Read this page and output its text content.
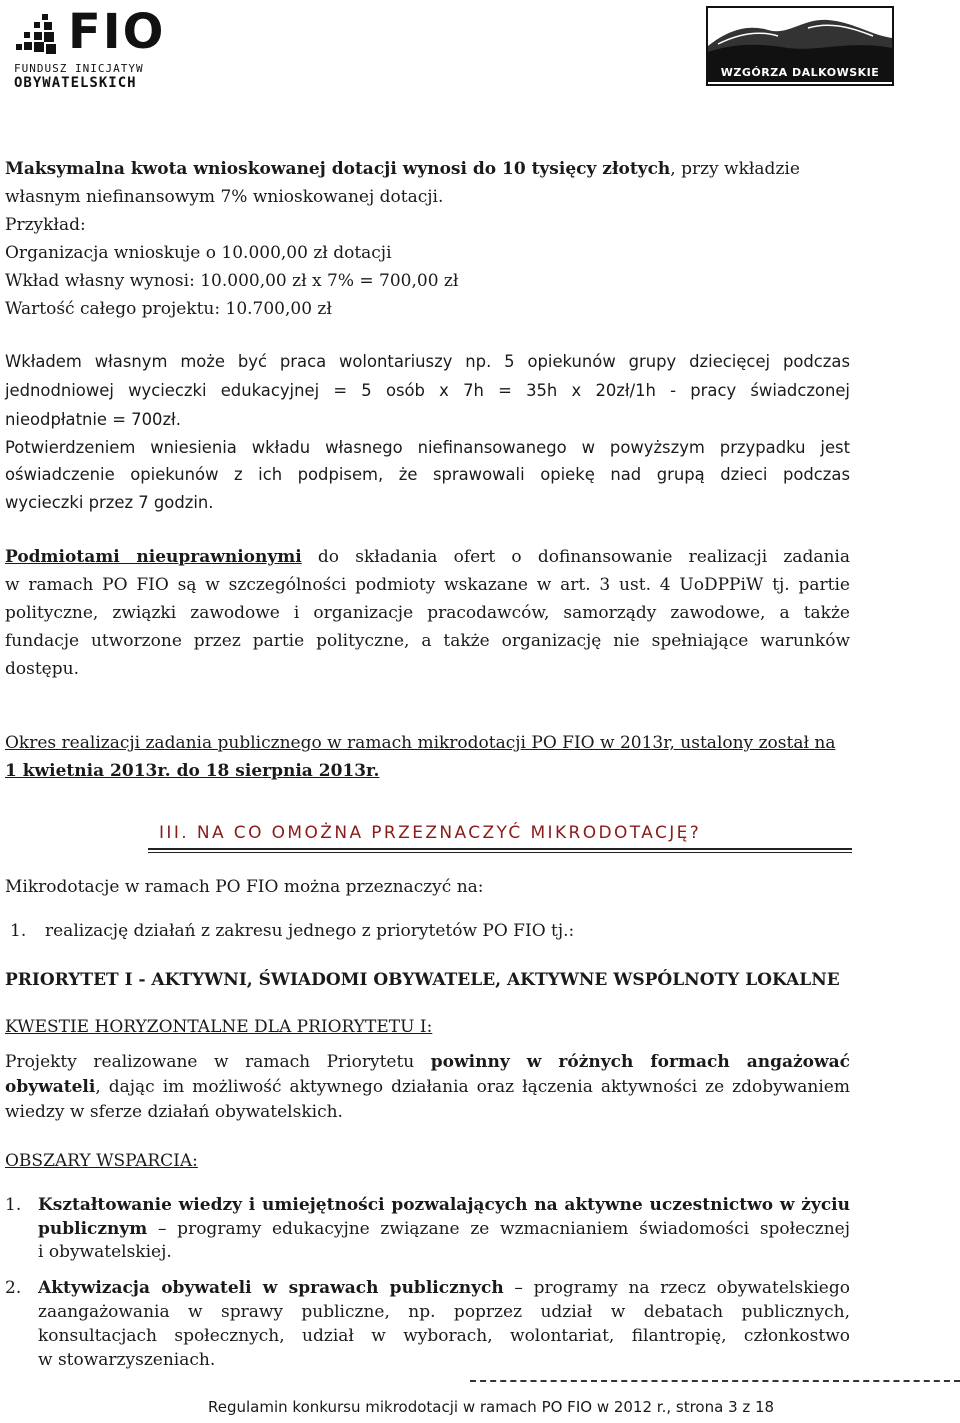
FIO
FUNDUSZ INICJATYW
OBYWATELSKICH
WZGÓRZA DALKOWSKIE
Maksymalna kwota wnioskowanej dotacji wynosi do 10 tysięcy złotych, przy wkładzie
własnym niefinansowym 7% wnioskowanej dotacji.
Przykład:
Organizacja wnioskuje o 10.000,00 zł dotacji
Wkład własny wynosi: 10.000,00 zł x 7% = 700,00 zł
Wartość całego projektu: 10.700,00 zł
Wkładem własnym może być praca wolontariuszy np. 5 opiekunów grupy dziecięcej podczas
jednodniowej wycieczki edukacyjnej = 5 osób x 7h = 35h x 20zł/1h - pracy świadczonej
nieodpłatnie = 700zł.
Potwierdzeniem wniesienia wkładu własnego niefinansowanego w powyższym przypadku jest
oświadczenie opiekunów z ich podpisem, że sprawowali opiekę nad grupą dzieci podczas
wycieczki przez 7 godzin.
Podmiotami nieuprawnionymi do składania ofert o dofinansowanie realizacji zadania
w ramach PO FIO są w szczególności podmioty wskazane w art. 3 ust. 4 UoDPPiW tj. partie
polityczne, związki zawodowe i organizacje pracodawców, samorządy zawodowe, a także
fundacje utworzone przez partie polityczne, a także organizację nie spełniające warunków
dostępu.
Okres realizacji zadania publicznego w ramach mikrodotacji PO FIO w 2013r, ustalony został na
1 kwietnia 2013r. do 18 sierpnia 2013r.
III. NA CO OMOŻNA PRZEZNACZYĆ MIKRODOTACJĘ?
Mikrodotacje w ramach PO FIO można przeznaczyć na:
1. realizację działań z zakresu jednego z priorytetów PO FIO tj.:
PRIORYTET I - AKTYWNI, ŚWIADOMI OBYWATELE, AKTYWNE WSPÓLNOTY LOKALNE
KWESTIE HORYZONTALNE DLA PRIORYTETU I:
Projekty realizowane w ramach Priorytetu powinny w różnych formach angażować
obywateli, dając im możliwość aktywnego działania oraz łączenia aktywności ze zdobywaniem
wiedzy w sferze działań obywatelskich.
OBSZARY WSPARCIA:
1. Kształtowanie wiedzy i umiejętności pozwalających na aktywne uczestnictwo w życiu
publicznym – programy edukacyjne związane ze wzmacnianiem świadomości społecznej
i obywatelskiej.
2. Aktywizacja obywateli w sprawach publicznych – programy na rzecz obywatelskiego
zaangażowania w sprawy publiczne, np. poprzez udział w debatach publicznych,
konsultacjach społecznych, udział w wyborach, wolontariat, filantropię, członkostwo
w stowarzyszeniach.
Regulamin konkursu mikrodotacji w ramach PO FIO w 2012 r., strona 3 z 18
